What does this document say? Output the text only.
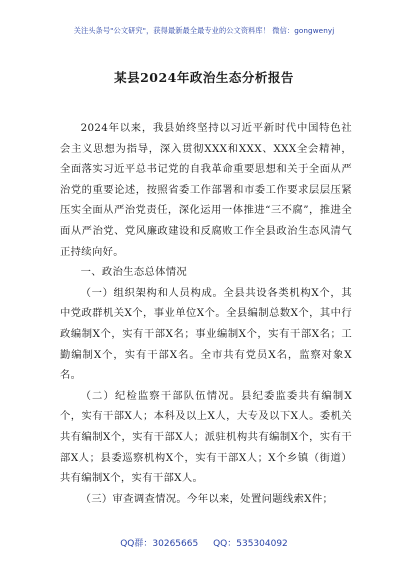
关注头条号"公文研究"，获得最新最全最专业的公文资料库！ 微信：gongwenyj
某县2024年政治生态分析报告

2024年以来，我县始终坚持以习近平新时代中国特色社会主义思想为指导，深入贯彻XXX和XXX、XXX全会精神，全面落实习近平总书记党的自我革命重要思想和关于全面从严治党的重要论述，按照省委工作部署和市委工作要求层层压紧压实全面从严治党责任，深化运用一体推进“三不腐”，推进全面从严治党、党风廉政建设和反腐败工作全县政治生态风清气正持续向好。

一、政治生态总体情况

（一）组织架构和人员构成。全县共设各类机构X个，其中党政群机关X个，事业单位X个。全县编制总数X个，其中行政编制X个，实有干部X名；事业编制X个，实有干部X名；工勤编制X个，实有干部X名。全市共有党员X名，监察对象X名。

（二）纪检监察干部队伍情况。县纪委监委共有编制X个，实有干部X人；本科及以上X人，大专及以下X人。委机关共有编制X个，实有干部X人；派驻机构共有编制X个，实有干部X人；县委巡察机构X个，实有干部X人；X个乡镇（街道）共有编制X个，实有干部X人。

（三）审查调查情况。今年以来，处置问题线索X件；

QQ群：30265665 QQ：535304092
